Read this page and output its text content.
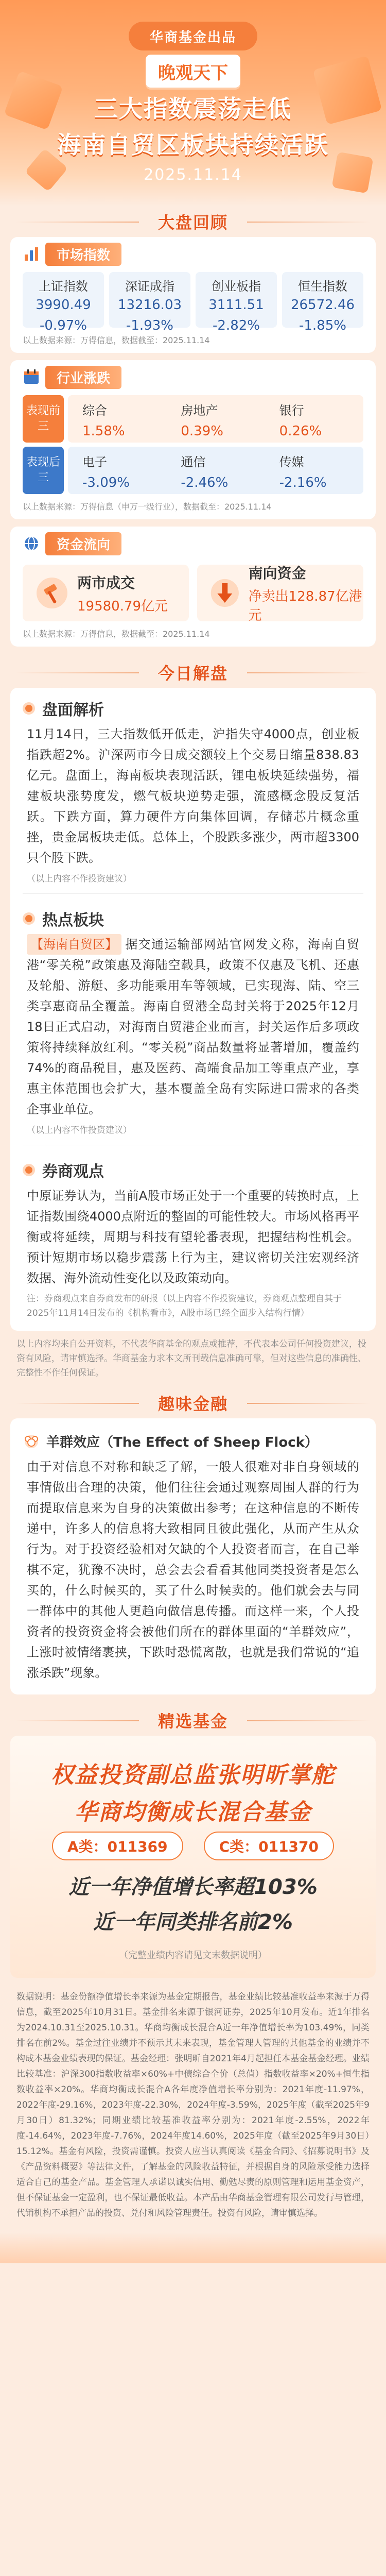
华商基金出品
晚观天下
三大指数震荡走低
海南自贸区板块持续活跃
2025.11.14
大盘回顾
市场指数
上证指数
3990.49
-0.97%
深证成指
13216.03
-1.93%
创业板指
3111.51
-2.82%
恒生指数
26572.46
-1.85%
以上数据来源：万得信息，数据截至：2025.11.14
行业涨跌
表现前三
综合
1.58%
房地产
0.39%
银行
0.26%
表现后三
电子
-3.09%
通信
-2.46%
传媒
-2.16%
以上数据来源：万得信息（申万一级行业），数据截至：2025.11.14
资金流向
两市成交
19580.79亿元
南向资金
净卖出128.87亿港元
以上数据来源：万得信息，数据截至：2025.11.14
今日解盘
盘面解析
11月14日，三大指数低开低走，沪指失守4000点，创业板指跌超2%。沪深两市今日成交额较上个交易日缩量838.83亿元。盘面上，海南板块表现活跃，锂电板块延续强势，福建板块涨势度发，燃气板块逆势走强，流感概念股反复活跃。下跌方面，算力硬件方向集体回调，存储芯片概念重挫，贵金属板块走低。总体上，个股跌多涨少，两市超3300只个股下跌。
（以上内容不作投资建议）
热点板块
【海南自贸区】 据交通运输部网站官网发文称，海南自贸港“零关税”政策惠及海陆空载具，政策不仅惠及飞机、还惠及轮船、游艇、多功能乘用车等领域，已实现海、陆、空三类享惠商品全覆盖。海南自贸港全岛封关将于2025年12月18日正式启动，对海南自贸港企业而言，封关运作后多项政策将持续释放红利。“零关税”商品数量将显著增加，覆盖约74%的商品税目，惠及医药、高端食品加工等重点产业，享惠主体范围也会扩大，基本覆盖全岛有实际进口需求的各类企事业单位。
（以上内容不作投资建议）
券商观点
中原证券认为，当前A股市场正处于一个重要的转换时点，上证指数围绕4000点附近的整固的可能性较大。市场风格再平衡或将延续，周期与科技有望轮番表现，把握结构性机会。预计短期市场以稳步震荡上行为主，建议密切关注宏观经济数据、海外流动性变化以及政策动向。
注：券商观点来自券商发布的研报（以上内容不作投资建议，券商观点整理自其于2025年11月14日发布的《机构看市》，A股市场已经全面步入结构行情）
以上内容均来自公开资料，不代表华商基金的观点或推荐，不代表本公司任何投资建议，投资有风险，请审慎选择。华商基金力求本文所刊载信息准确可靠，但对这些信息的准确性、完整性不作任何保证。
趣味金融
羊群效应（The Effect of Sheep Flock）
由于对信息不对称和缺乏了解，一般人很难对非自身领域的事情做出合理的决策，他们往往会通过观察周围人群的行为而提取信息来为自身的决策做出参考；在这种信息的不断传递中，许多人的信息将大致相同且彼此强化，从而产生从众行为。对于投资经验相对欠缺的个人投资者而言，在自己举棋不定，犹豫不决时，总会去会看看其他同类投资者是怎么买的，什么时候买的，买了什么时候卖的。他们就会去与同一群体中的其他人更趋向做信息传播。而这样一来，个人投资者的投资资金将会被他们所在的群体里面的“羊群效应”，上涨时被情绪裹挟，下跌时恐慌离散，也就是我们常说的“追涨杀跌”现象。
精选基金
权益投资副总监张明昕掌舵
华商均衡成长混合基金
A类：011369	C类：011370
近一年净值增长率超103%
近一年同类排名前2%
（完整业绩内容请见文末数据说明）
数据说明：基金份额净值增长率来源为基金定期报告，基金业绩比较基准收益率来源于万得信息，截至2025年10月31日。基金排名来源于银河证券，2025年10月发布。近1年排名为2024.10.31至2025.10.31。华商均衡成长混合A近一年净值增长率为103.49%，同类排名在前2%。基金过往业绩并不预示其未来表现，基金管理人管理的其他基金的业绩并不构成本基金业绩表现的保证。基金经理：张明昕自2021年4月起担任本基金基金经理。业绩比较基准：沪深300指数收益率×60%+中债综合全价（总值）指数收益率×20%+恒生指数收益率×20%。华商均衡成长混合A各年度净值增长率分别为：2021年度-11.97%，2022年度-29.16%，2023年度-22.30%，2024年度-3.59%，2025年度（截至2025年9月30日）81.32%；同期业绩比较基准收益率分别为：2021年度-2.55%，2022年度-14.64%，2023年度-7.76%，2024年度14.60%，2025年度（截至2025年9月30日）15.12%。基金有风险，投资需谨慎。投资人应当认真阅读《基金合同》、《招募说明书》及《产品资料概要》等法律文件，了解基金的风险收益特征，并根据自身的风险承受能力选择适合自己的基金产品。基金管理人承诺以诚实信用、勤勉尽责的原则管理和运用基金资产，但不保证基金一定盈利，也不保证最低收益。本产品由华商基金管理有限公司发行与管理，代销机构不承担产品的投资、兑付和风险管理责任。投资有风险，请审慎选择。
